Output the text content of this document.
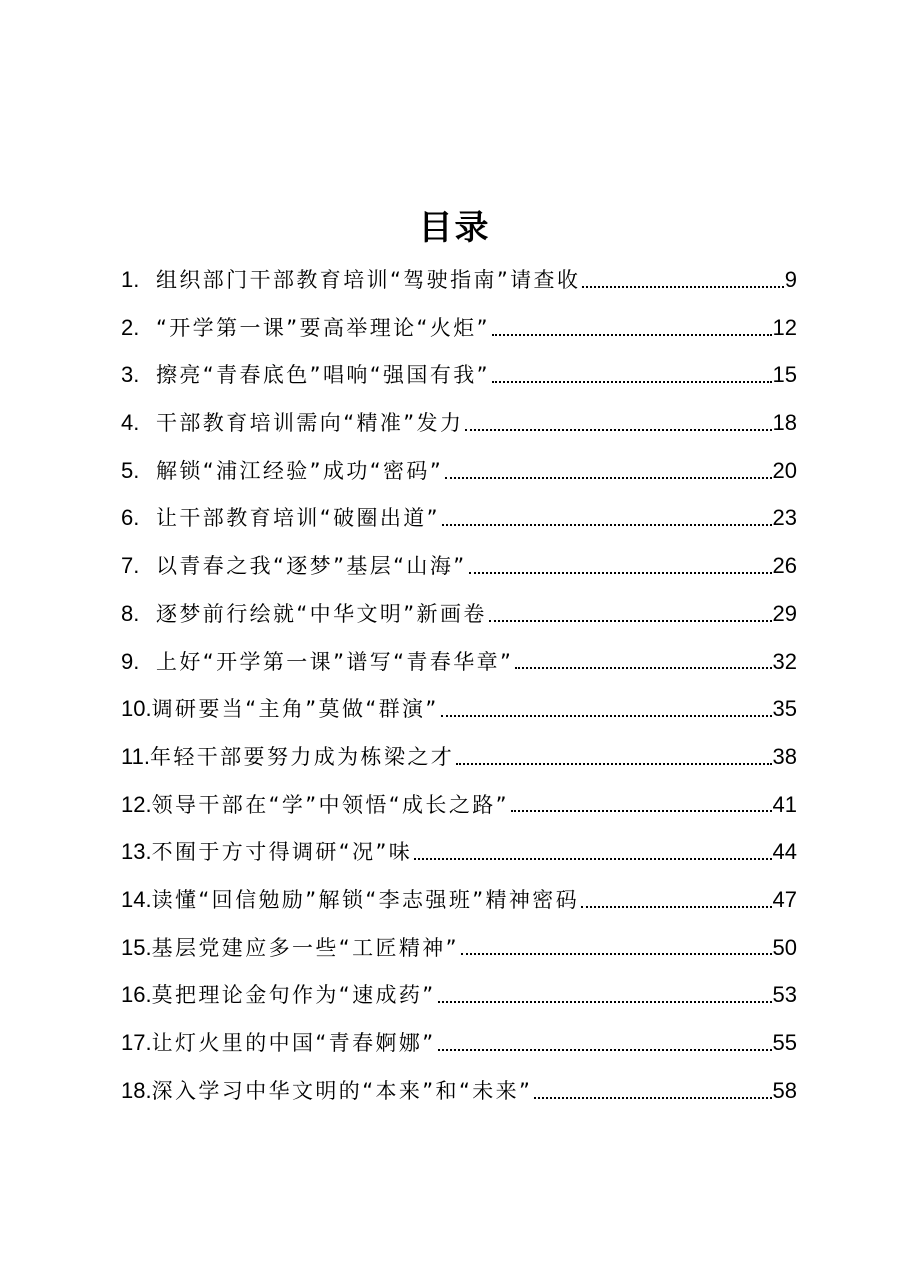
目录
1. 组织部门干部教育培训“驾驶指南”请查收	9
2. “开学第一课”要高举理论“火炬”	12
3. 擦亮“青春底色”唱响“强国有我”	15
4. 干部教育培训需向“精准”发力	18
5. 解锁“浦江经验”成功“密码”	20
6. 让干部教育培训“破圈出道”	23
7. 以青春之我“逐梦”基层“山海”	26
8. 逐梦前行绘就“中华文明”新画卷	29
9. 上好“开学第一课”谱写“青春华章”	32
10. 调研要当“主角”莫做“群演”	35
11. 年轻干部要努力成为栋梁之才	38
12. 领导干部在“学”中领悟“成长之路”	41
13. 不囿于方寸得调研“况”味	44
14. 读懂“回信勉励”解锁“李志强班”精神密码	47
15. 基层党建应多一些“工匠精神”	50
16. 莫把理论金句作为“速成药”	53
17. 让灯火里的中国“青春婀娜”	55
18. 深入学习中华文明的“本来”和“未来”	58
